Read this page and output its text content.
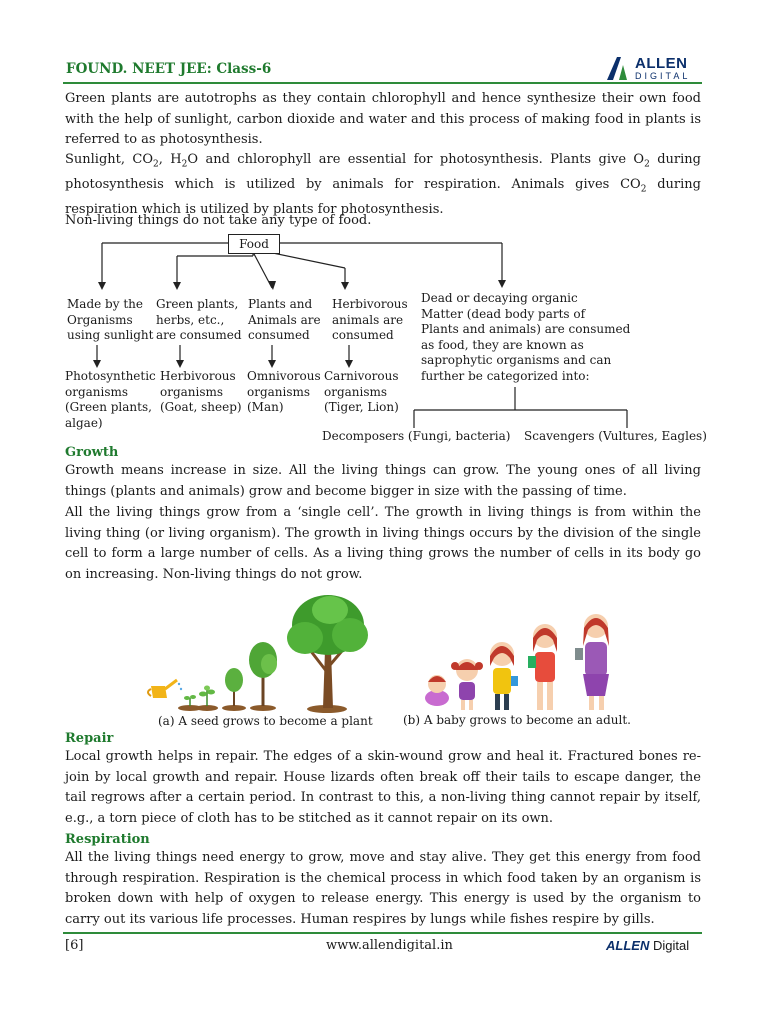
FOUND. NEET JEE: Class-6	ALLEN
DIGITAL

Green plants are autotrophs as they contain chlorophyll and hence synthesize their own food with the help of sunlight, carbon dioxide and water and this process of making food in plants is referred to as photosynthesis.

Sunlight, $CO_2$, $H_2O$ and chlorophyll are essential for photosynthesis. Plants give $O_2$ during photosynthesis which is utilized by animals for respiration. Animals gives $CO_2$ during respiration which is utilized by plants for photosynthesis.

Non-living things do not take any type of food.

Food
Made by the
Organisms
using sunlight
Green plants,
herbs, etc.,
are consumed
Plants and
Animals are
consumed
Herbivorous
animals are
consumed
Photosynthetic
organisms
(Green plants,
algae)
Herbivorous
organisms
(Goat, sheep)
Omnivorous
organisms
(Man)
Carnivorous
organisms
(Tiger, Lion)
Dead or decaying organic
Matter (dead body parts of
Plants and animals) are consumed
as food, they are known as
saprophytic organisms and can
further be categorized into:
Decomposers (Fungi, bacteria) Scavengers (Vultures, Eagles)
Growth

Growth means increase in size. All the living things can grow. The young ones of all living things (plants and animals) grow and become bigger in size with the passing of time.

All the living things grow from a ‘single cell’. The growth in living things is from within the living thing (or living organism). The growth in living things occurs by the division of the single cell to form a large number of cells. As a living thing grows the number of cells in its body go on increasing. Non-living things do not grow.

(a) A seed grows to become a plant	(b) A baby grows to become an adult.
Repair

Local growth helps in repair. The edges of a skin-wound grow and heal it. Fractured bones re-join by local growth and repair. House lizards often break off their tails to escape danger, the tail regrows after a certain period. In contrast to this, a non-living thing cannot repair by itself, e.g., a torn piece of cloth has to be stitched as it cannot repair on its own.

Respiration

All the living things need energy to grow, move and stay alive. They get this energy from food through respiration. Respiration is the chemical process in which food taken by an organism is broken down with help of oxygen to release energy. This energy is used by the organism to carry out its various life processes. Human respires by lungs while fishes respire by gills.

[6]	www.allendigital.in	ALLEN Digital
